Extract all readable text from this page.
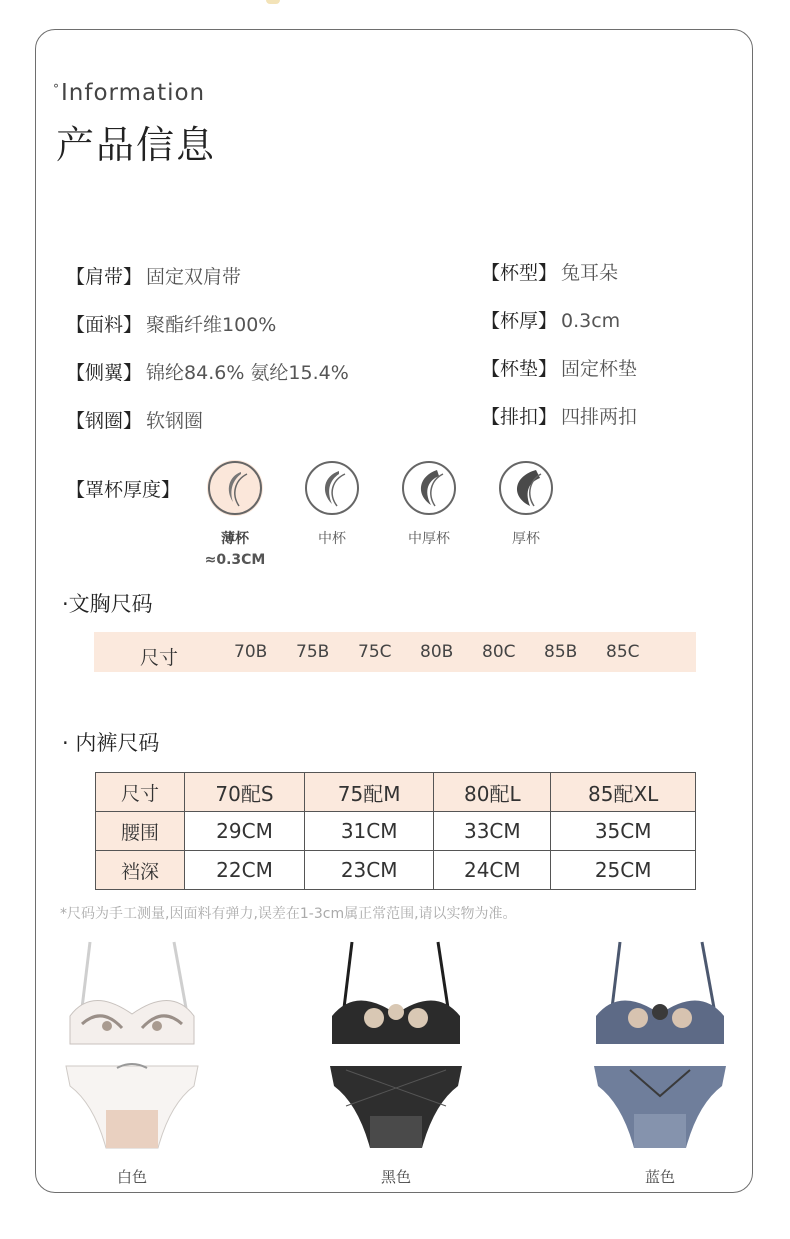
°Information
产品信息
【肩带】 固定双肩带
【面料】 聚酯纤维100%
【侧翼】 锦纶84.6% 氨纶15.4%
【钢圈】 软钢圈
【杯型】 兔耳朵
【杯厚】 0.3cm
【杯垫】 固定杯垫
【排扣】 四排两扣
【罩杯厚度】
薄杯
≈0.3CM
中杯	中厚杯	厚杯
·文胸尺码
尺寸	70B 75B 75C 80B 80C 85B 85C
· 内裤尺码
尺寸	70配S	75配M	80配L	85配XL
腰围	29CM	31CM	33CM	35CM
裆深	22CM	23CM	24CM	25CM
*尺码为手工测量,因面料有弹力,误差在1-3cm属正常范围,请以实物为准。
白色	黑色	蓝色
